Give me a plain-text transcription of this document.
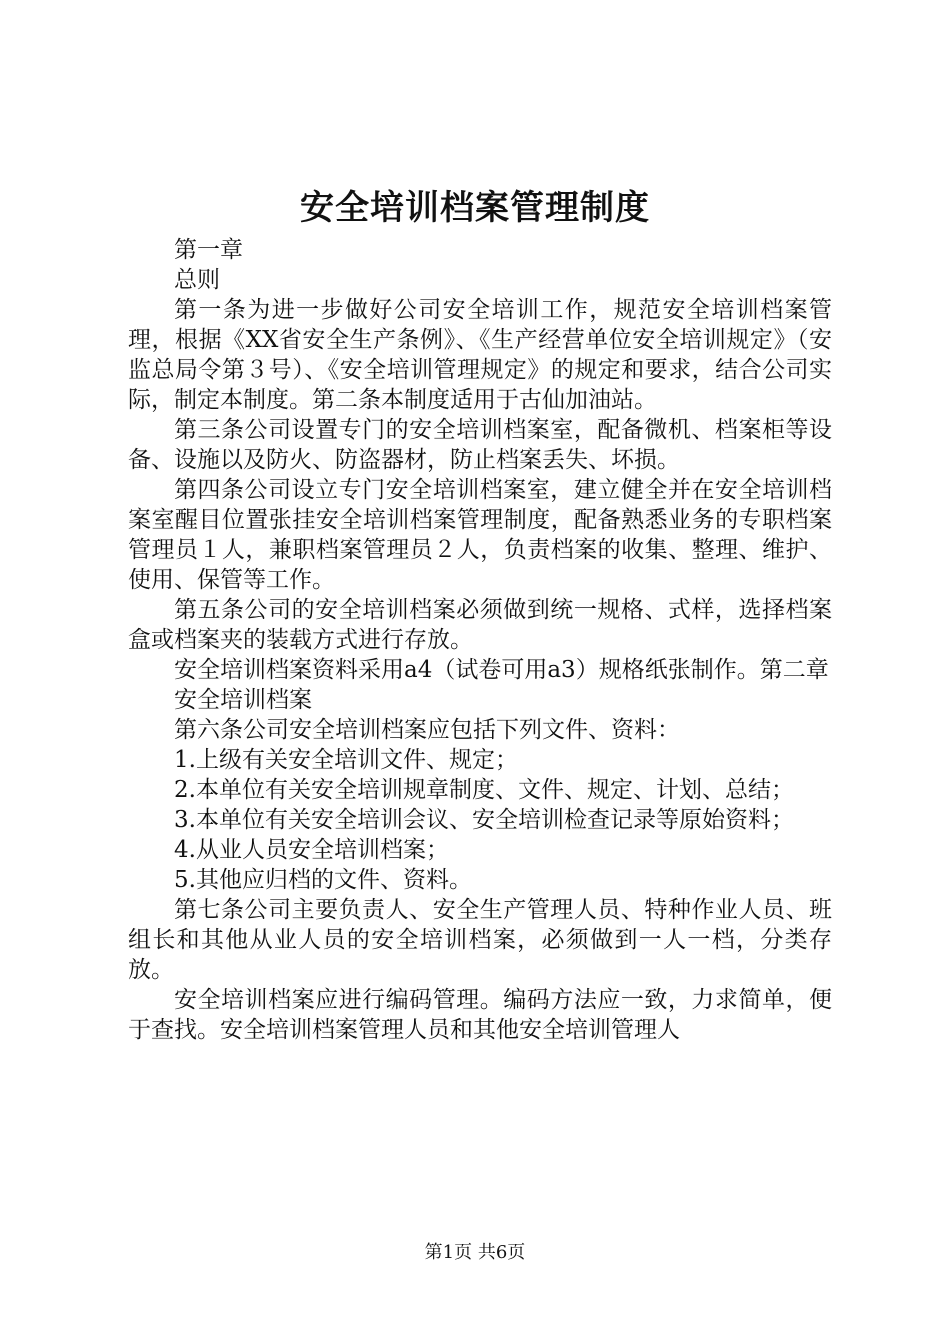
安全培训档案管理制度

第一章

总则

第一条为进一步做好公司安全培训工作，规范安全培训档案管理，根据《XX省安全生产条例》、《生产经营单位安全培训规定》（安监总局令第３号）、《安全培训管理规定》的规定和要求，结合公司实际，制定本制度。第二条本制度适用于古仙加油站。

第三条公司设置专门的安全培训档案室，配备微机、档案柜等设备、设施以及防火、防盗器材，防止档案丢失、坏损。

第四条公司设立专门安全培训档案室，建立健全并在安全培训档案室醒目位置张挂安全培训档案管理制度，配备熟悉业务的专职档案管理员１人，兼职档案管理员２人，负责档案的收集、整理、维护、使用、保管等工作。

第五条公司的安全培训档案必须做到统一规格、式样，选择档案盒或档案夹的装载方式进行存放。

安全培训档案资料采用a4（试卷可用a3）规格纸张制作。第二章

安全培训档案

第六条公司安全培训档案应包括下列文件、资料：

1.上级有关安全培训文件、规定；

2.本单位有关安全培训规章制度、文件、规定、计划、总结；

3.本单位有关安全培训会议、安全培训检查记录等原始资料；

4.从业人员安全培训档案；

5.其他应归档的文件、资料。

第七条公司主要负责人、安全生产管理人员、特种作业人员、班组长和其他从业人员的安全培训档案，必须做到一人一档，分类存放。

安全培训档案应进行编码管理。编码方法应一致，力求简单，便于查找。安全培训档案管理人员和其他安全培训管理人

第1页 共6页
